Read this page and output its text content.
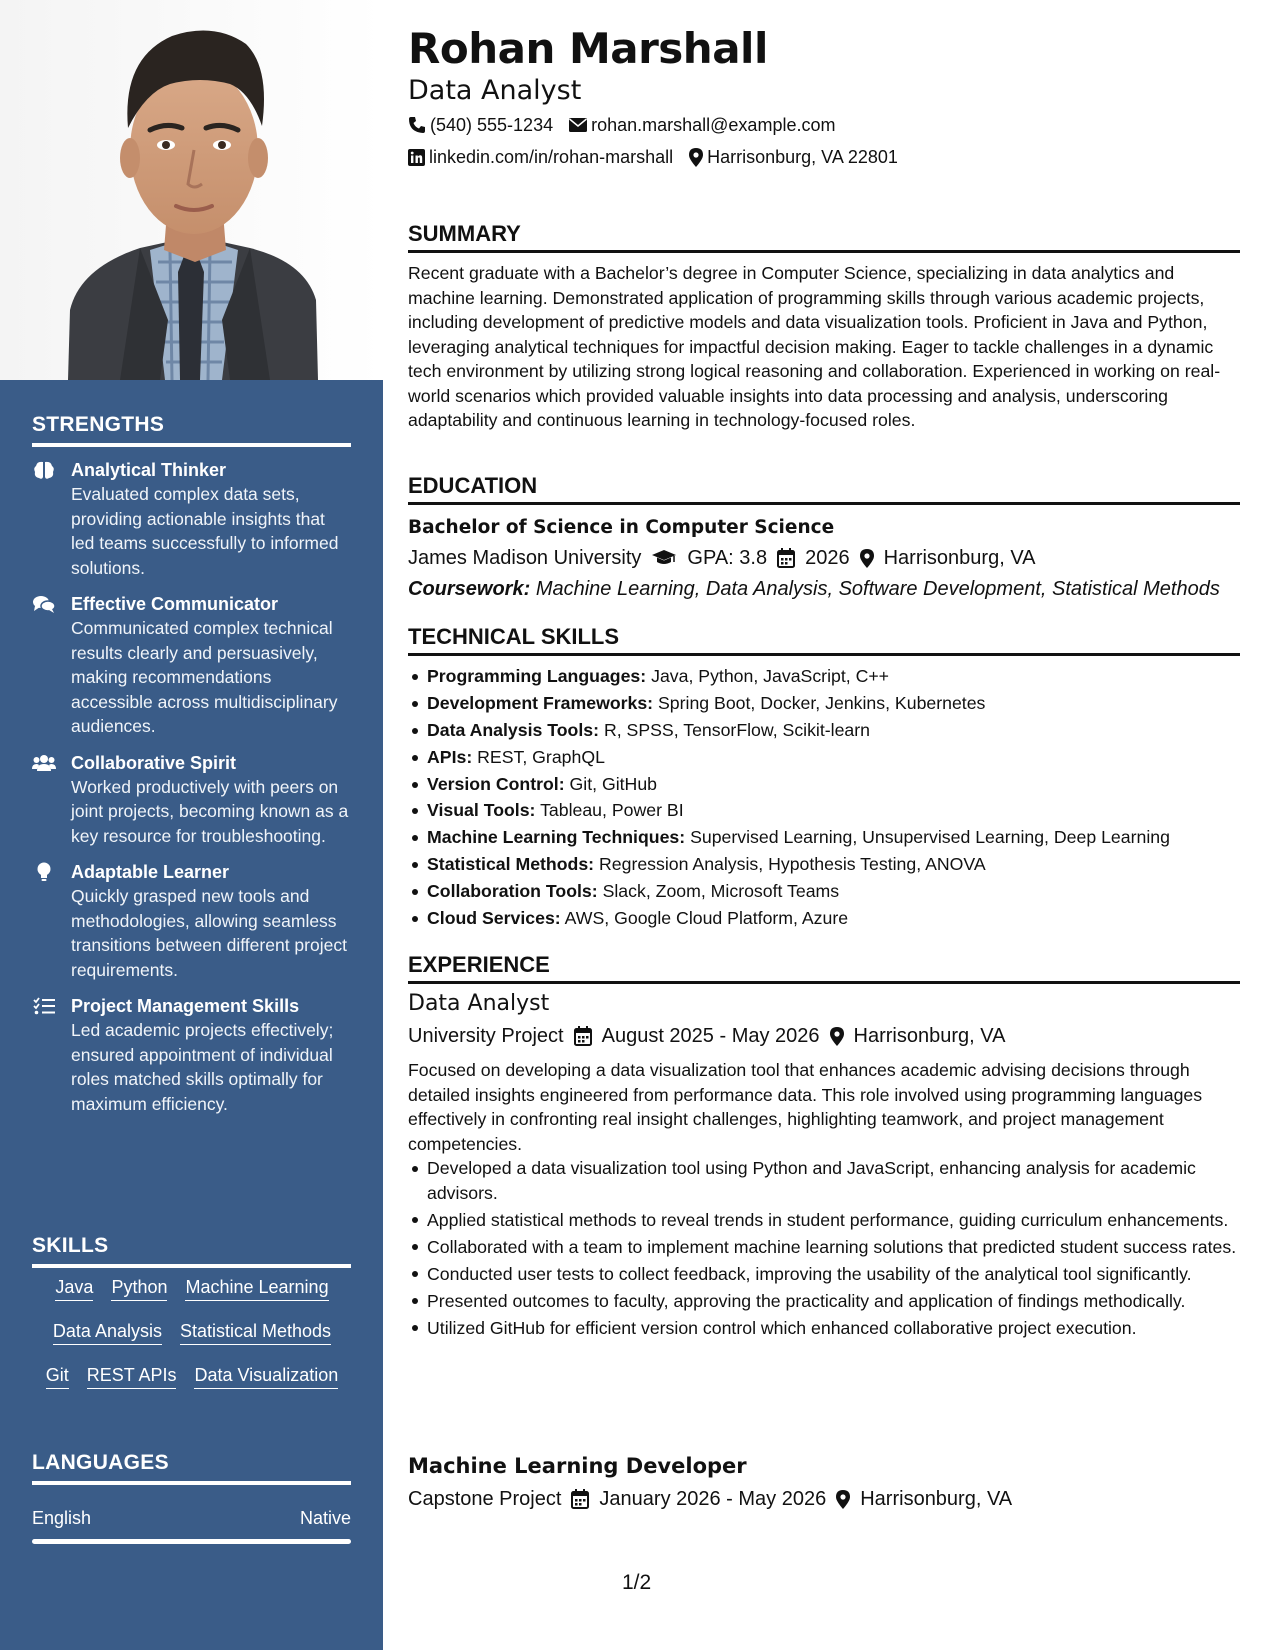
STRENGTHS
Analytical Thinker
Evaluated complex data sets, providing actionable insights that led teams successfully to informed solutions.
Effective Communicator
Communicated complex technical results clearly and persuasively, making recommendations accessible across multidisciplinary audiences.
Collaborative Spirit
Worked productively with peers on joint projects, becoming known as a key resource for troubleshooting.
Adaptable Learner
Quickly grasped new tools and methodologies, allowing seamless transitions between different project requirements.
Project Management Skills
Led academic projects effectively; ensured appointment of individual roles matched skills optimally for maximum efficiency.
SKILLS
Java Python Machine Learning
Data Analysis Statistical Methods
Git REST APIs Data Visualization
LANGUAGES
English	Native
Rohan Marshall
Data Analyst
(540) 555-1234 rohan.marshall@example.com
linkedin.com/in/rohan-marshall Harrisonburg, VA 22801
SUMMARY
Recent graduate with a Bachelor’s degree in Computer Science, specializing in data analytics and machine learning. Demonstrated application of programming skills through various academic projects, including development of predictive models and data visualization tools. Proficient in Java and Python, leveraging analytical techniques for impactful decision making. Eager to tackle challenges in a dynamic tech environment by utilizing strong logical reasoning and collaboration. Experienced in working on real-world scenarios which provided valuable insights into data processing and analysis, underscoring adaptability and continuous learning in technology-focused roles.
EDUCATION
Bachelor of Science in Computer Science
James Madison University GPA: 3.8 2026 Harrisonburg, VA
Coursework: Machine Learning, Data Analysis, Software Development, Statistical Methods
TECHNICAL SKILLS
Programming Languages: Java, Python, JavaScript, C++
Development Frameworks: Spring Boot, Docker, Jenkins, Kubernetes
Data Analysis Tools: R, SPSS, TensorFlow, Scikit-learn
APIs: REST, GraphQL
Version Control: Git, GitHub
Visual Tools: Tableau, Power BI
Machine Learning Techniques: Supervised Learning, Unsupervised Learning, Deep Learning
Statistical Methods: Regression Analysis, Hypothesis Testing, ANOVA
Collaboration Tools: Slack, Zoom, Microsoft Teams
Cloud Services: AWS, Google Cloud Platform, Azure
EXPERIENCE
Data Analyst
University Project August 2025 - May 2026 Harrisonburg, VA
Focused on developing a data visualization tool that enhances academic advising decisions through detailed insights engineered from performance data. This role involved using programming languages effectively in confronting real insight challenges, highlighting teamwork, and project management competencies.
Developed a data visualization tool using Python and JavaScript, enhancing analysis for academic advisors.
Applied statistical methods to reveal trends in student performance, guiding curriculum enhancements.
Collaborated with a team to implement machine learning solutions that predicted student success rates.
Conducted user tests to collect feedback, improving the usability of the analytical tool significantly.
Presented outcomes to faculty, approving the practicality and application of findings methodically.
Utilized GitHub for efficient version control which enhanced collaborative project execution.
Machine Learning Developer
Capstone Project January 2026 - May 2026 Harrisonburg, VA
1/2
